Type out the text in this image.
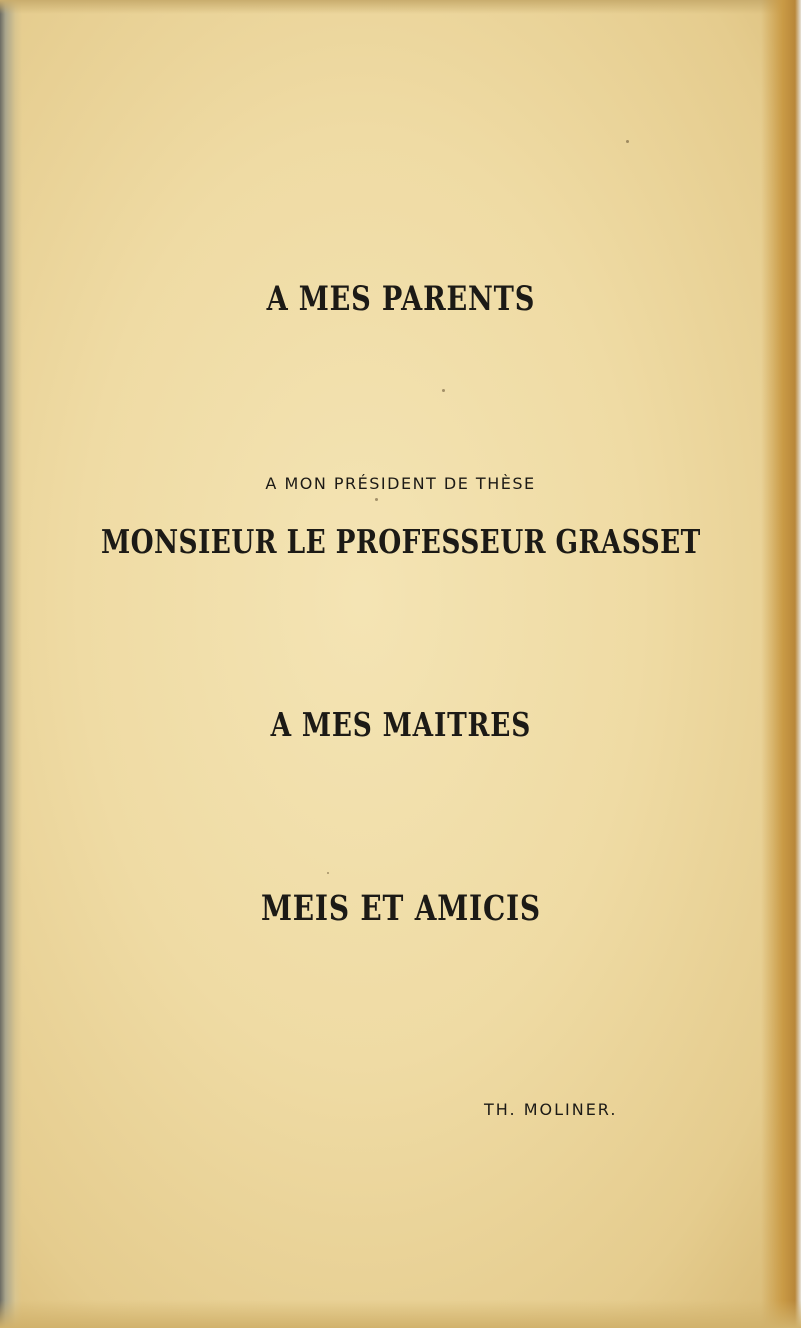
A MES PARENTS
A MON PRÉSIDENT DE THÈSE
MONSIEUR LE PROFESSEUR GRASSET
A MES MAITRES
MEIS ET AMICIS
TH. MOLINER.
